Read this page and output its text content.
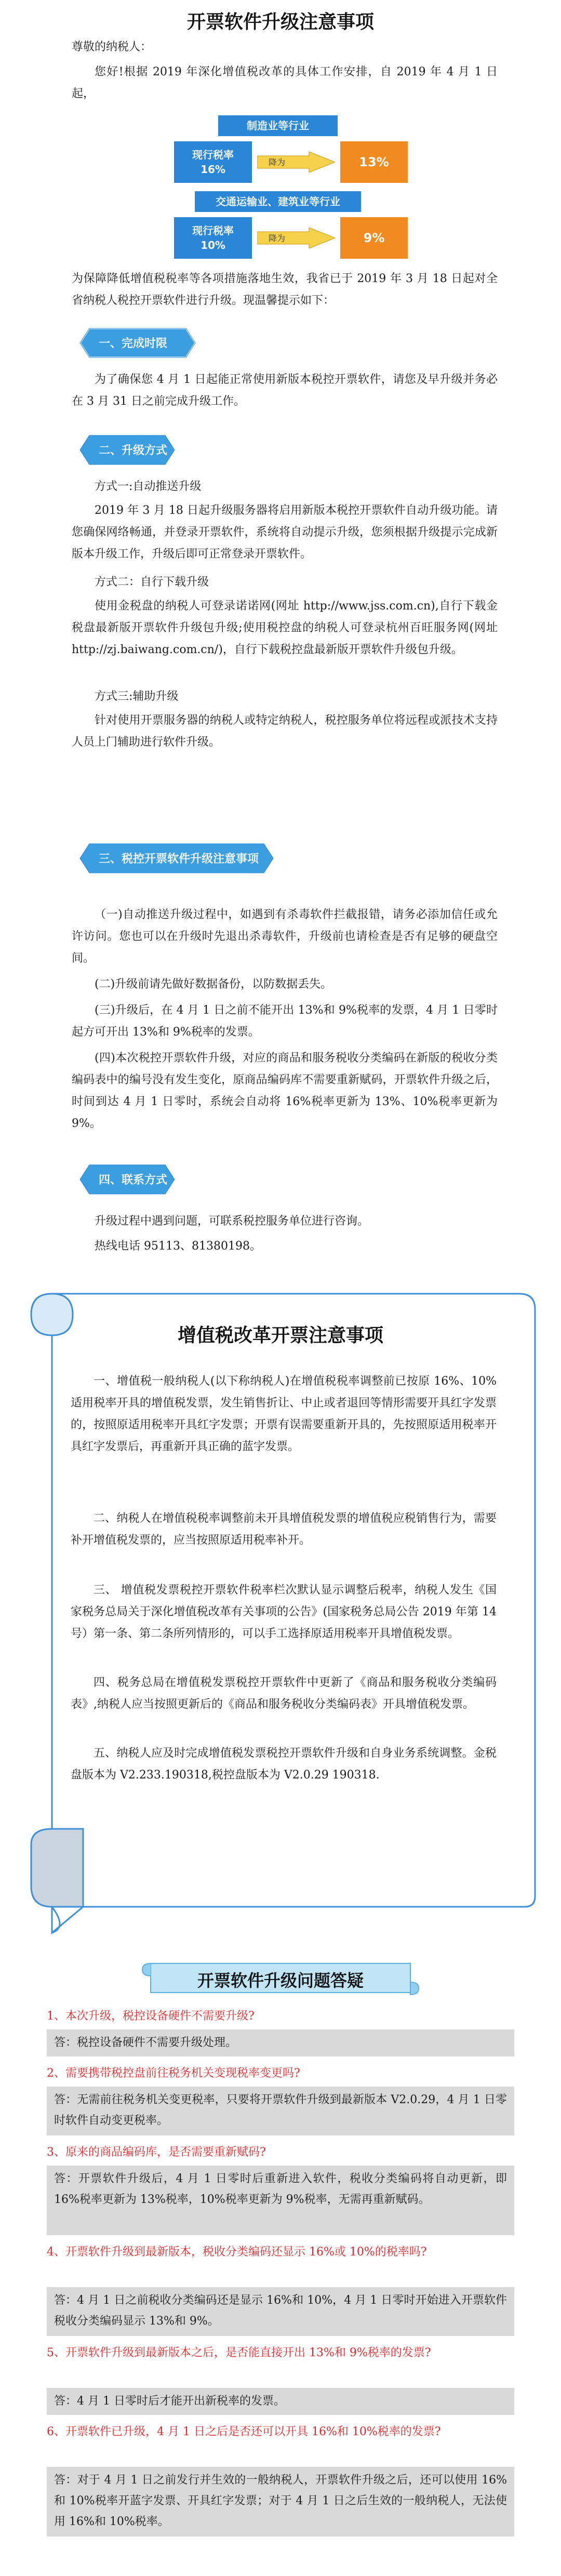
开票软件升级注意事项

尊敬的纳税人：

您好!根据 2019 年深化增值税改革的具体工作安排，自 2019 年 4 月 1 日起，

制造业等行业
现行税率
16%
降为	13%
交通运输业、建筑业等行业
现行税率
10%
降为	9%

为保障降低增值税税率等各项措施落地生效，我省已于 2019 年 3 月 18 日起对全省纳税人税控开票软件进行升级。现温馨提示如下：

一、完成时限

为了确保您 4 月 1 日起能正常使用新版本税控开票软件，请您及早升级并务必在 3 月 31 日之前完成升级工作。

二、升级方式

方式一:自动推送升级

2019 年 3 月 18 日起升级服务器将启用新版本税控开票软件自动升级功能。请您确保网络畅通，并登录开票软件，系统将自动提示升级，您须根据升级提示完成新版本升级工作，升级后即可正常登录开票软件。

方式二：自行下载升级

使用金税盘的纳税人可登录诺诺网(网址 http://www.jss.com.cn),自行下载金税盘最新版开票软件升级包升级;使用税控盘的纳税人可登录杭州百旺服务网(网址 http://zj.baiwang.com.cn/)，自行下载税控盘最新版开票软件升级包升级。

方式三:辅助升级

针对使用开票服务器的纳税人或特定纳税人，税控服务单位将远程或派技术支持人员上门辅助进行软件升级。

三、税控开票软件升级注意事项

（一)自动推送升级过程中，如遇到有杀毒软件拦截报错，请务必添加信任或允许访问。您也可以在升级时先退出杀毒软件，升级前也请检查是否有足够的硬盘空间。

(二)升级前请先做好数据备份，以防数据丢失。

(三)升级后，在 4 月 1 日之前不能开出 13%和 9%税率的发票，4 月 1 日零时起方可开出 13%和 9%税率的发票。

(四)本次税控开票软件升级，对应的商品和服务税收分类编码在新版的税收分类编码表中的编号没有发生变化，原商品编码库不需要重新赋码，开票软件升级之后，时间到达 4 月 1 日零时，系统会自动将 16%税率更新为 13%、10%税率更新为 9%。

四、联系方式

升级过程中遇到问题，可联系税控服务单位进行咨询。

热线电话 95113、81380198。

增值税改革开票注意事项

一、增值税一般纳税人(以下称纳税人)在增值税税率调整前已按原 16%、10%适用税率开具的增值税发票，发生销售折让、中止或者退回等情形需要开具红字发票的，按照原适用税率开具红字发票；开票有误需要重新开具的，先按照原适用税率开具红字发票后，再重新开具正确的蓝字发票。

二、纳税人在增值税税率调整前未开具增值税发票的增值税应税销售行为，需要补开增值税发票的，应当按照原适用税率补开。

三、 增值税发票税控开票软件税率栏次默认显示调整后税率，纳税人发生《国家税务总局关于深化增值税改革有关事项的公告》(国家税务总局公告 2019 年第 14 号）第一条、第二条所列情形的，可以手工选择原适用税率开具增值税发票。

四、税务总局在增值税发票税控开票软件中更新了《商品和服务税收分类编码表》,纳税人应当按照更新后的《商品和服务税收分类编码表》开具增值税发票。

五、纳税人应及时完成增值税发票税控开票软件升级和自身业务系统调整。金税盘版本为 V2.233.190318,税控盘版本为 V2.0.29 190318.

开票软件升级问题答疑

1、本次升级，税控设备硬件不需要升级?

答：税控设备硬件不需要升级处理。

2、需要携带税控盘前往税务机关变现税率变更吗?

答：无需前往税务机关变更税率，只要将开票软件升级到最新版本 V2.0.29，4 月 1 日零时软件自动变更税率。

3、原来的商品编码库，是否需要重新赋码?

答：开票软件升级后，4 月 1 日零时后重新进入软件，税收分类编码将自动更新，即 16%税率更新为 13%税率，10%税率更新为 9%税率，无需再重新赋码。

4、开票软件升级到最新版本，税收分类编码还显示 16%或 10%的税率吗?

答：4 月 1 日之前税收分类编码还是显示 16%和 10%，4 月 1 日零时开始进入开票软件税收分类编码显示 13%和 9%。

5、开票软件升级到最新版本之后，是否能直接开出 13%和 9%税率的发票?

答：4 月 1 日零时后才能开出新税率的发票。

6、开票软件已升级，4 月 1 日之后是否还可以开具 16%和 10%税率的发票?

答：对于 4 月 1 日之前发行并生效的一般纳税人，开票软件升级之后，还可以使用 16%和 10%税率开蓝字发票、开具红字发票；对于 4 月 1 日之后生效的一般纳税人，无法使用 16%和 10%税率。
